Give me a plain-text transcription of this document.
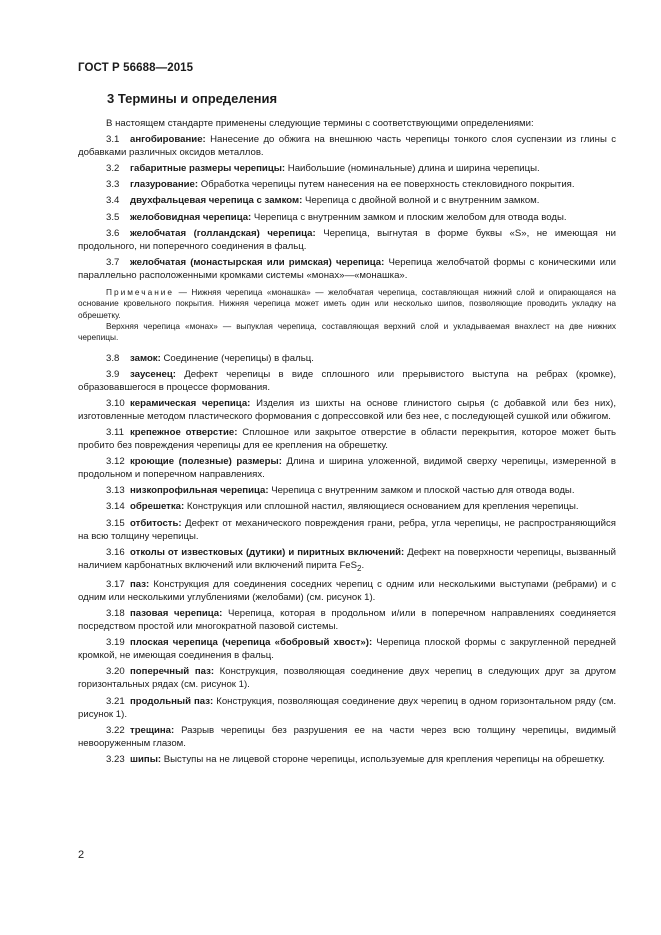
ГОСТ Р 56688—2015
3 Термины и определения

В настоящем стандарте применены следующие термины с соответствующими определениями:

3.1 ангобирование: Нанесение до обжига на внешнюю часть черепицы тонкого слоя суспензии из глины с добавками различных оксидов металлов.

3.2 габаритные размеры черепицы: Наибольшие (номинальные) длина и ширина черепицы.

3.3 глазурование: Обработка черепицы путем нанесения на ее поверхность стекловидного покрытия.

3.4 двухфальцевая черепица с замком: Черепица с двойной волной и с внутренним замком.

3.5 желобовидная черепица: Черепица с внутренним замком и плоским желобом для отвода воды.

3.6 желобчатая (голландская) черепица: Черепица, выгнутая в форме буквы «S», не имеющая ни продольного, ни поперечного соединения в фальц.

3.7 желобчатая (монастырская или римская) черепица: Черепица желобчатой формы с коническими или параллельно расположенными кромками системы «монах»—«монашка».

Примечание — Нижняя черепица «монашка» — желобчатая черепица, составляющая нижний слой и опирающаяся на основание кровельного покрытия. Нижняя черепица может иметь один или несколько шипов, позволяющие проводить укладку на обрешетку.

Верхняя черепица «монах» — выпуклая черепица, составляющая верхний слой и укладываемая внахлест на две нижних черепицы.

3.8 замок: Соединение (черепицы) в фальц.

3.9 заусенец: Дефект черепицы в виде сплошного или прерывистого выступа на ребрах (кромке), образовавшегося в процессе формования.

3.10 керамическая черепица: Изделия из шихты на основе глинистого сырья (с добавкой или без них), изготовленные методом пластического формования с допрессовкой или без нее, с последующей сушкой или обжигом.

3.11 крепежное отверстие: Сплошное или закрытое отверстие в области перекрытия, которое может быть пробито без повреждения черепицы для ее крепления на обрешетку.

3.12 кроющие (полезные) размеры: Длина и ширина уложенной, видимой сверху черепицы, измеренной в продольном и поперечном направлениях.

3.13 низкопрофильная черепица: Черепица с внутренним замком и плоской частью для отвода воды.

3.14 обрешетка: Конструкция или сплошной настил, являющиеся основанием для крепления черепицы.

3.15 отбитость: Дефект от механического повреждения грани, ребра, угла черепицы, не распространяющийся на всю толщину черепицы.

3.16 отколы от известковых (дутики) и пиритных включений: Дефект на поверхности черепицы, вызванный наличием карбонатных включений или включений пирита FeS$_2$.

3.17 паз: Конструкция для соединения соседних черепиц с одним или несколькими выступами (ребрами) и с одним или несколькими углублениями (желобами) (см. рисунок 1).

3.18 пазовая черепица: Черепица, которая в продольном и/или в поперечном направлениях соединяется посредством простой или многократной пазовой системы.

3.19 плоская черепица (черепица «бобровый хвост»): Черепица плоской формы с закругленной передней кромкой, не имеющая соединения в фальц.

3.20 поперечный паз: Конструкция, позволяющая соединение двух черепиц в следующих друг за другом горизонтальных рядах (см. рисунок 1).

3.21 продольный паз: Конструкция, позволяющая соединение двух черепиц в одном горизонтальном ряду (см. рисунок 1).

3.22 трещина: Разрыв черепицы без разрушения ее на части через всю толщину черепицы, видимый невооруженным глазом.

3.23 шипы: Выступы на не лицевой стороне черепицы, используемые для крепления черепицы на обрешетку.

2
